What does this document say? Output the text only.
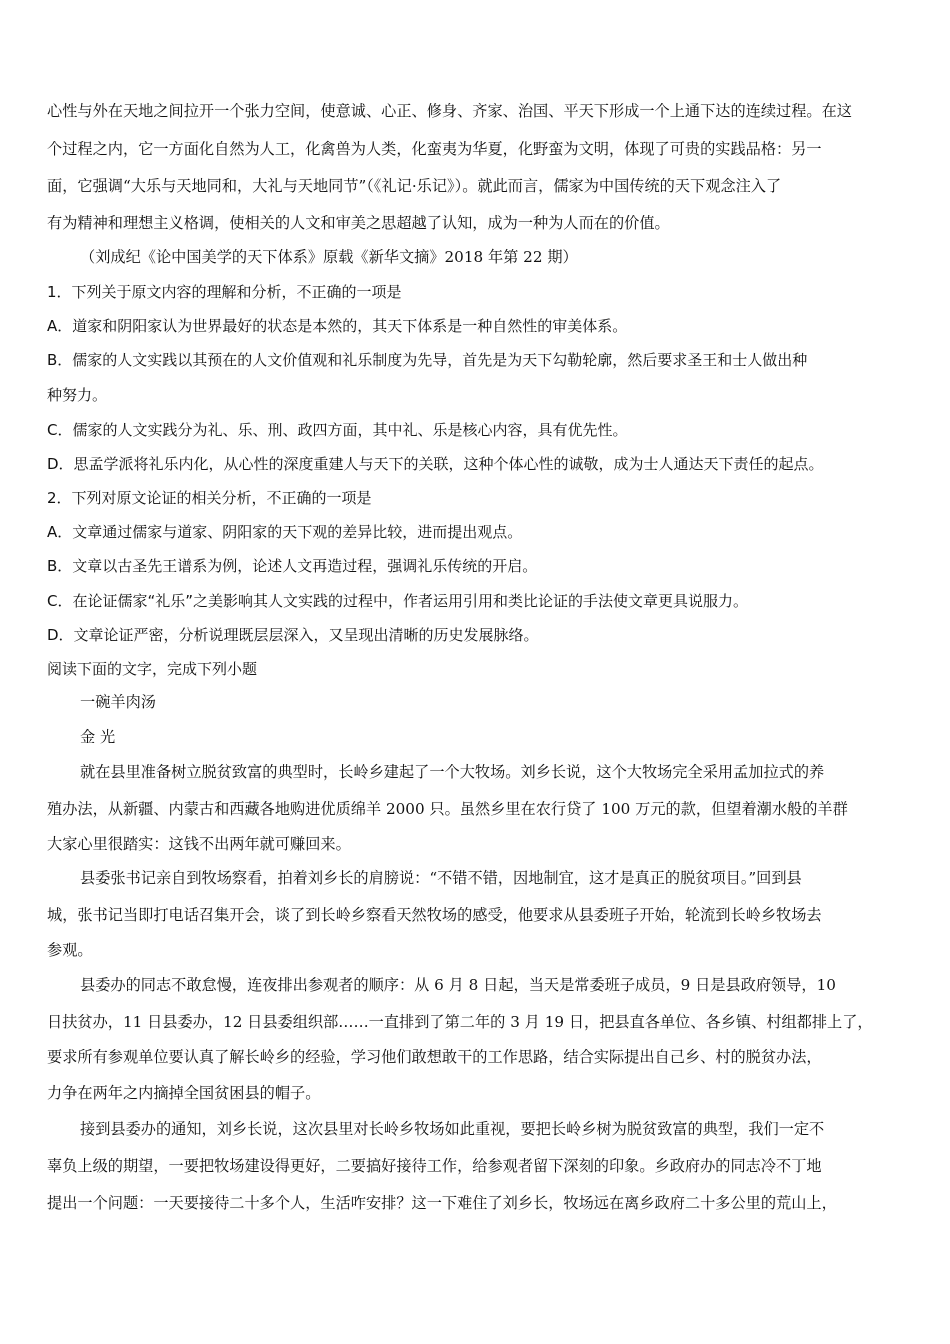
心性与外在天地之间拉开一个张力空间，使意诚、心正、修身、齐家、治国、平天下形成一个上通下达的连续过程。在这
个过程之内，它一方面化自然为人工，化禽兽为人类，化蛮夷为华夏，化野蛮为文明，体现了可贵的实践品格：另一
面，它强调“大乐与天地同和，大礼与天地同节”（《礼记·乐记》）。就此而言，儒家为中国传统的天下观念注入了
有为精神和理想主义格调，使相关的人文和审美之思超越了认知，成为一种为人而在的价值。
（刘成纪《论中国美学的天下体系》原载《新华文摘》2018 年第 22 期）
1．下列关于原文内容的理解和分析，不正确的一项是
A．道家和阴阳家认为世界最好的状态是本然的，其天下体系是一种自然性的审美体系。
B．儒家的人文实践以其预在的人文价值观和礼乐制度为先导，首先是为天下勾勒轮廓，然后要求圣王和士人做出种
种努力。
C．儒家的人文实践分为礼、乐、刑、政四方面，其中礼、乐是核心内容，具有优先性。
D．思孟学派将礼乐内化，从心性的深度重建人与天下的关联，这种个体心性的诚敬，成为士人通达天下责任的起点。
2．下列对原文论证的相关分析，不正确的一项是
A．文章通过儒家与道家、阴阳家的天下观的差异比较，进而提出观点。
B．文章以古圣先王谱系为例，论述人文再造过程，强调礼乐传统的开启。
C．在论证儒家“礼乐”之美影响其人文实践的过程中，作者运用引用和类比论证的手法使文章更具说服力。
D．文章论证严密，分析说理既层层深入，又呈现出清晰的历史发展脉络。
阅读下面的文字，完成下列小题
一碗羊肉汤
金 光
就在县里准备树立脱贫致富的典型时，长岭乡建起了一个大牧场。刘乡长说，这个大牧场完全采用孟加拉式的养
殖办法，从新疆、内蒙古和西藏各地购进优质绵羊 2000 只。虽然乡里在农行贷了 100 万元的款，但望着潮水般的羊群
大家心里很踏实：这钱不出两年就可赚回来。
县委张书记亲自到牧场察看，拍着刘乡长的肩膀说：“不错不错，因地制宜，这才是真正的脱贫项目。”回到县
城，张书记当即打电话召集开会，谈了到长岭乡察看天然牧场的感受，他要求从县委班子开始，轮流到长岭乡牧场去
参观。
县委办的同志不敢怠慢，连夜排出参观者的顺序：从 6 月 8 日起，当天是常委班子成员，9 日是县政府领导，10
日扶贫办，11 日县委办，12 日县委组织部……一直排到了第二年的 3 月 19 日，把县直各单位、各乡镇、村组都排上了，
要求所有参观单位要认真了解长岭乡的经验，学习他们敢想敢干的工作思路，结合实际提出自己乡、村的脱贫办法，
力争在两年之内摘掉全国贫困县的帽子。
接到县委办的通知，刘乡长说，这次县里对长岭乡牧场如此重视，要把长岭乡树为脱贫致富的典型，我们一定不
辜负上级的期望，一要把牧场建设得更好，二要搞好接待工作，给参观者留下深刻的印象。乡政府办的同志冷不丁地
提出一个问题：一天要接待二十多个人，生活咋安排？这一下难住了刘乡长，牧场远在离乡政府二十多公里的荒山上，
